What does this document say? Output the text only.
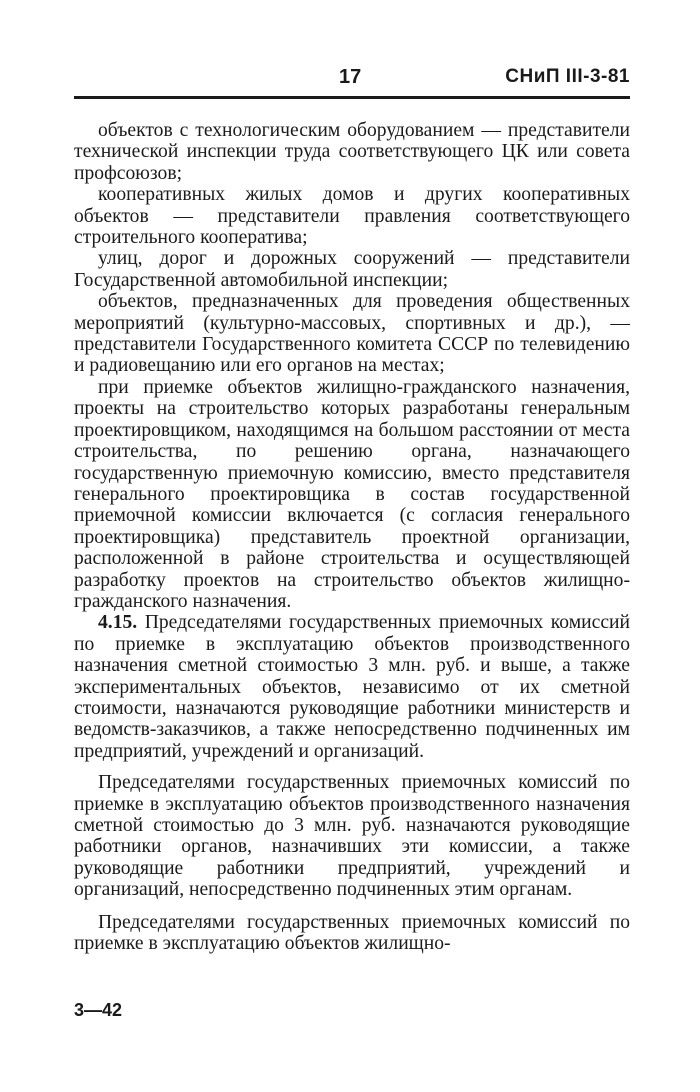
17	СНиП III-3-81

объектов с технологическим оборудованием — представители технической инспекции труда соответствующего ЦК или совета профсоюзов;

кооперативных жилых домов и других кооперативных объектов — представители правления соответствующего строительного кооператива;

улиц, дорог и дорожных сооружений — представители Государственной автомобильной инспекции;

объектов, предназначенных для проведения общественных мероприятий (культурно-массовых, спортивных и др.), — представители Государственного комитета СССР по телевидению и радиовещанию или его органов на местах;

при приемке объектов жилищно-гражданского назначения, проекты на строительство которых разработаны генеральным проектировщиком, находящимся на большом расстоянии от места строительства, по решению органа, назначающего государственную приемочную комиссию, вместо представителя генерального проектировщика в состав государственной приемочной комиссии включается (с согласия генерального проектировщика) представитель проектной организации, расположенной в районе строительства и осуществляющей разработку проектов на строительство объектов жилищно-гражданского назначения.

4.15. Председателями государственных приемочных комиссий по приемке в эксплуатацию объектов производственного назначения сметной стоимостью 3 млн. руб. и выше, а также экспериментальных объектов, независимо от их сметной стоимости, назначаются руководящие работники министерств и ведомств-заказчиков, а также непосредственно подчиненных им предприятий, учреждений и организаций.

Председателями государственных приемочных комиссий по приемке в эксплуатацию объектов производственного назначения сметной стоимостью до 3 млн. руб. назначаются руководящие работники органов, назначивших эти комиссии, а также руководящие работники предприятий, учреждений и организаций, непосредственно подчиненных этим органам.

Председателями государственных приемочных комиссий по приемке в эксплуатацию объектов жилищно-

3—42
